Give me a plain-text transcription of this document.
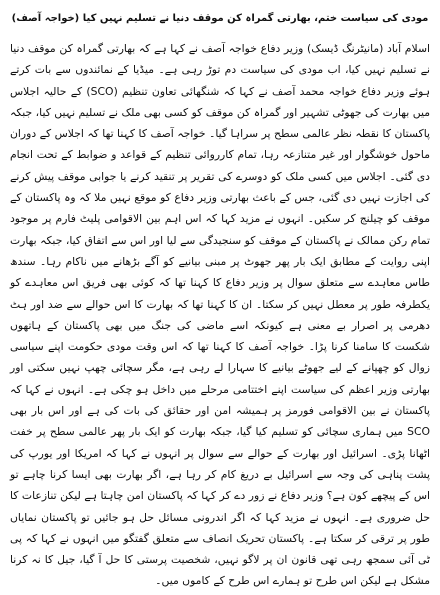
مودی کی سیاست ختم، بھارتی گمراہ کن موقف دنیا نے تسلیم نہیں کیا (خواجہ آصف)

اسلام آباد (مانیٹرنگ ڈیسک) وزیر دفاع خواجہ آصف نے کہا ہے کہ بھارتی گمراہ کن موقف دنیا نے تسلیم نہیں کیا، اب مودی کی سیاست دم توڑ رہی ہے۔ میڈیا کے نمائندوں سے بات کرتے ہوئے وزیر دفاع خواجہ محمد آصف نے کہا کہ شنگھائی تعاون تنظیم (SCO) کے حالیہ اجلاس میں بھارت کی جھوٹی تشہیر اور گمراہ کن موقف کو کسی بھی ملک نے تسلیم نہیں کیا، جبکہ پاکستان کا نقطہ نظر عالمی سطح پر سراہا گیا۔ خواجہ آصف کا کہنا تھا کہ اجلاس کے دوران ماحول خوشگوار اور غیر متنازعہ رہا، تمام کارروائی تنظیم کے قواعد و ضوابط کے تحت انجام دی گئی۔ اجلاس میں کسی ملک کو دوسرے کی تقریر پر تنقید کرنے یا جوابی موقف پیش کرنے کی اجازت نہیں دی گئی، جس کے باعث بھارتی وزیر دفاع کو موقع نہیں ملا کہ وہ پاکستان کے موقف کو چیلنج کر سکیں۔ انہوں نے مزید کہا کہ اس اہم بین الاقوامی پلیٹ فارم پر موجود تمام رکن ممالک نے پاکستان کے موقف کو سنجیدگی سے لیا اور اس سے اتفاق کیا، جبکہ بھارت اپنی روایت کے مطابق ایک بار پھر جھوٹ پر مبنی بیانیے کو آگے بڑھانے میں ناکام رہا۔ سندھ طاس معاہدے سے متعلق سوال پر وزیر دفاع کا کہنا تھا کہ کوئی بھی فریق اس معاہدے کو یکطرفہ طور پر معطل نہیں کر سکتا۔ ان کا کہنا تھا کہ بھارت کا اس حوالے سے ضد اور ہٹ دھرمی پر اصرار بے معنی ہے کیونکہ اسے ماضی کی جنگ میں بھی پاکستان کے ہاتھوں شکست کا سامنا کرنا پڑا۔ خواجہ آصف کا کہنا تھا کہ اس وقت مودی حکومت اپنے سیاسی زوال کو چھپانے کے لیے جھوٹے بیانیے کا سہارا لے رہی ہے، مگر سچائی چھپ نہیں سکتی اور بھارتی وزیر اعظم کی سیاست اپنے اختتامی مرحلے میں داخل ہو چکی ہے۔ انہوں نے کہا کہ پاکستان نے بین الاقوامی فورمز پر ہمیشہ امن اور حقائق کی بات کی ہے اور اس بار بھی SCO میں ہماری سچائی کو تسلیم کیا گیا، جبکہ بھارت کو ایک بار پھر عالمی سطح پر خفت اٹھانا پڑی۔ اسرائیل اور بھارت کے حوالے سے سوال پر انہوں نے کہا کہ امریکا اور یورپ کی پشت پناہی کی وجہ سے اسرائیل بے دریغ کام کر رہا ہے، اگر بھارت بھی ایسا کرنا چاہے تو اس کے پیچھے کون ہے؟ وزیر دفاع نے زور دے کر کہا کہ پاکستان امن چاہتا ہے لیکن تنازعات کا حل ضروری ہے۔ انہوں نے مزید کہا کہ اگر اندرونی مسائل حل ہو جائیں تو پاکستان نمایاں طور پر ترقی کر سکتا ہے۔ پاکستان تحریک انصاف سے متعلق گفتگو میں انہوں نے کہا کہ پی ٹی آئی سمجھ رہی تھی قانون ان پر لاگو نہیں، شخصیت پرستی کا حل آ گیا، جیل کا نہ کرنا مشکل ہے لیکن اس طرح تو ہمارے اس طرح کے کاموں میں۔
